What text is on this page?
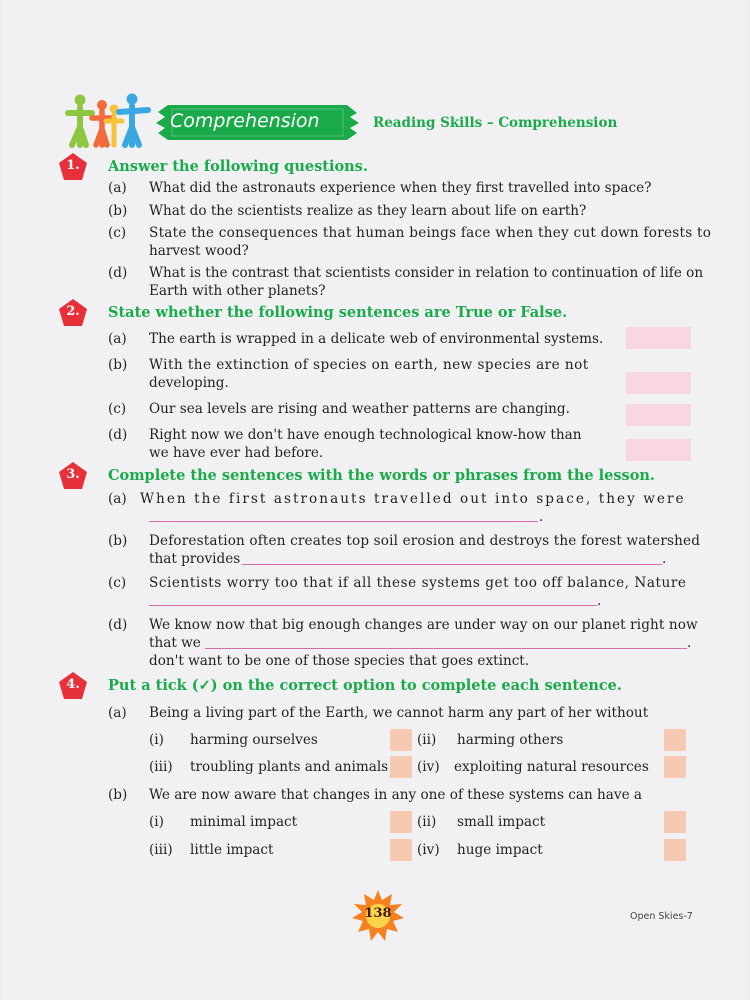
Comprehension	Reading Skills – Comprehension
1.	Answer the following questions.
(a) What did the astronauts experience when they first travelled into space?
(b) What do the scientists realize as they learn about life on earth?
(c) State the consequences that human beings face when they cut down forests to
harvest wood?
(d) What is the contrast that scientists consider in relation to continuation of life on
Earth with other planets?
2.	State whether the following sentences are True or False.
(a) The earth is wrapped in a delicate web of environmental systems.
(b) With the extinction of species on earth, new species are not
developing.
(c) Our sea levels are rising and weather patterns are changing.
(d) Right now we don't have enough technological know-how than
we have ever had before.
3.	Complete the sentences with the words or phrases from the lesson.
(a) When the first astronauts travelled out into space, they were
.
(b) Deforestation often creates top soil erosion and destroys the forest watershed
that provides	.
(c) Scientists worry too that if all these systems get too off balance, Nature
.
(d) We know now that big enough changes are under way on our planet right now
that we	.
don't want to be one of those species that goes extinct.
4.	Put a tick (✓) on the correct option to complete each sentence.
(a) Being a living part of the Earth, we cannot harm any part of her without
(i) harming ourselves	(ii) harming others
(iii) troubling plants and animals (iv) exploiting natural resources
(b) We are now aware that changes in any one of these systems can have a
(i) minimal impact	(ii) small impact
(iii) little impact	(iv) huge impact
138	Open Skies-7
